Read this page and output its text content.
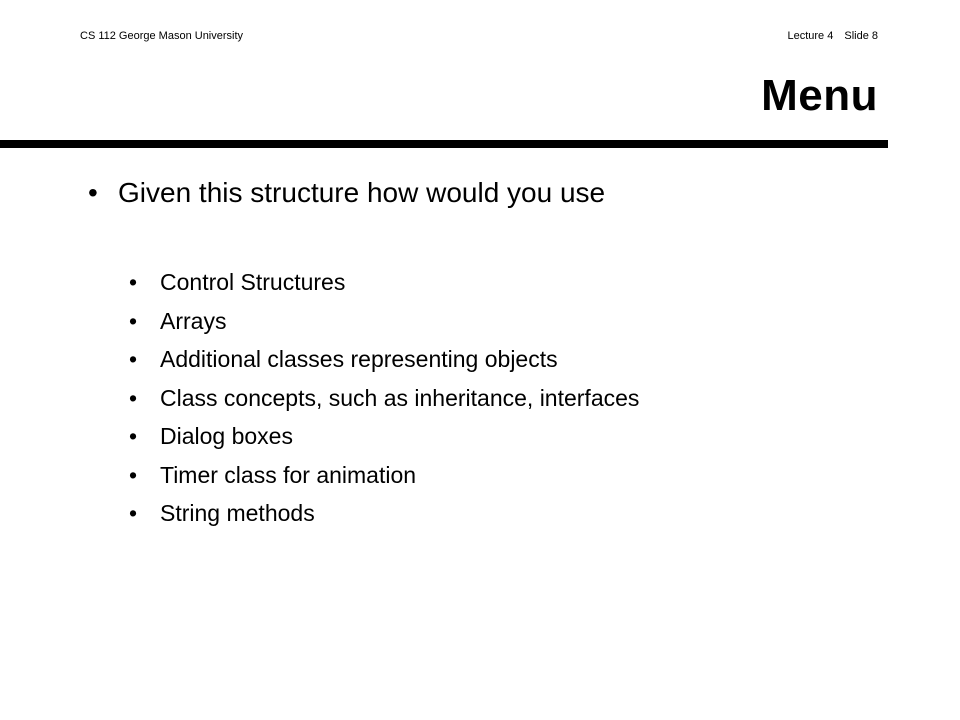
CS 112 George Mason University	Lecture 4 Slide 8
Menu
• Given this structure how would you use
• Control Structures
• Arrays
• Additional classes representing objects
• Class concepts, such as inheritance, interfaces
• Dialog boxes
• Timer class for animation
• String methods
